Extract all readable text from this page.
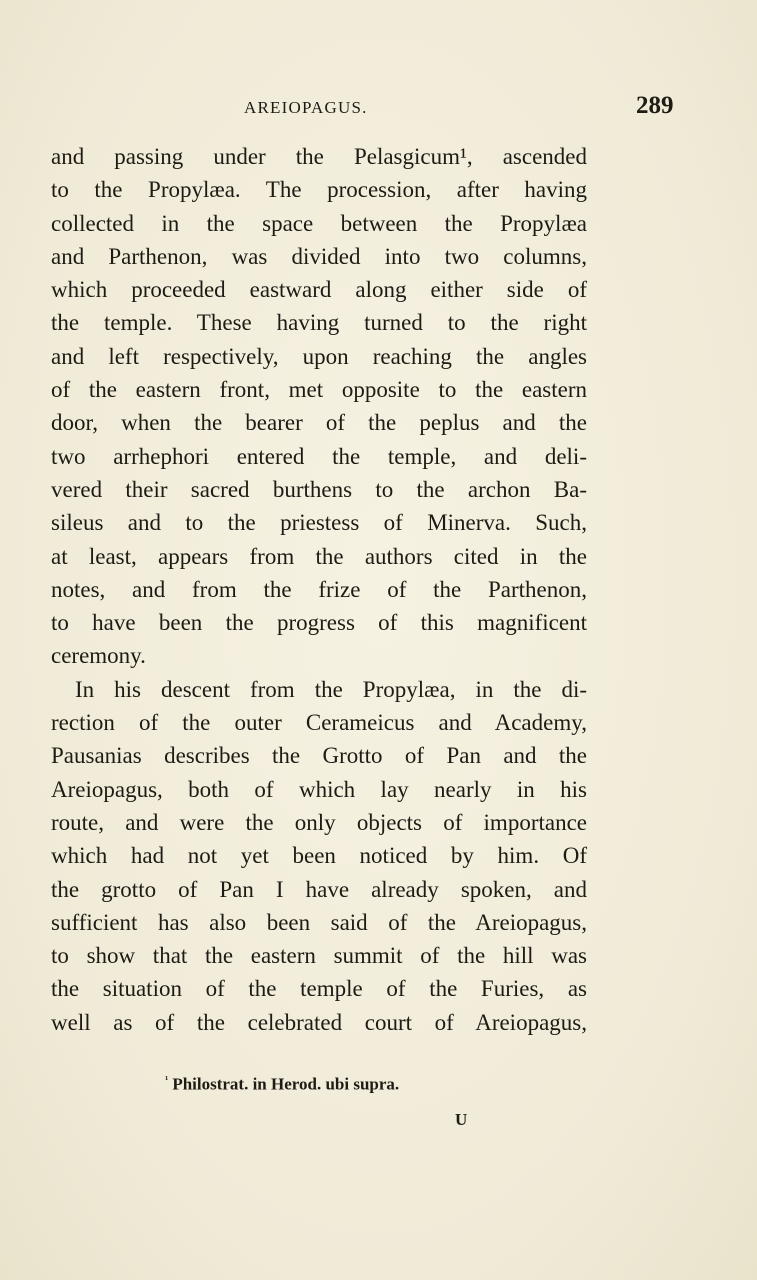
AREIOPAGUS.	289
and passing under the Pelasgicum¹, ascended
to the Propylæa. The procession, after having
collected in the space between the Propylæa
and Parthenon, was divided into two columns,
which proceeded eastward along either side of
the temple. These having turned to the right
and left respectively, upon reaching the angles
of the eastern front, met opposite to the eastern
door, when the bearer of the peplus and the
two arrhephori entered the temple, and deli-
vered their sacred burthens to the archon Ba-
sileus and to the priestess of Minerva. Such,
at least, appears from the authors cited in the
notes, and from the frize of the Parthenon,
to have been the progress of this magnificent
ceremony.
In his descent from the Propylæa, in the di-
rection of the outer Cerameicus and Academy,
Pausanias describes the Grotto of Pan and the
Areiopagus, both of which lay nearly in his
route, and were the only objects of importance
which had not yet been noticed by him. Of
the grotto of Pan I have already spoken, and
sufficient has also been said of the Areiopagus,
to show that the eastern summit of the hill was
the situation of the temple of the Furies, as
well as of the celebrated court of Areiopagus,
$^{^1}$ Philostrat. in Herod. ubi supra.
U
